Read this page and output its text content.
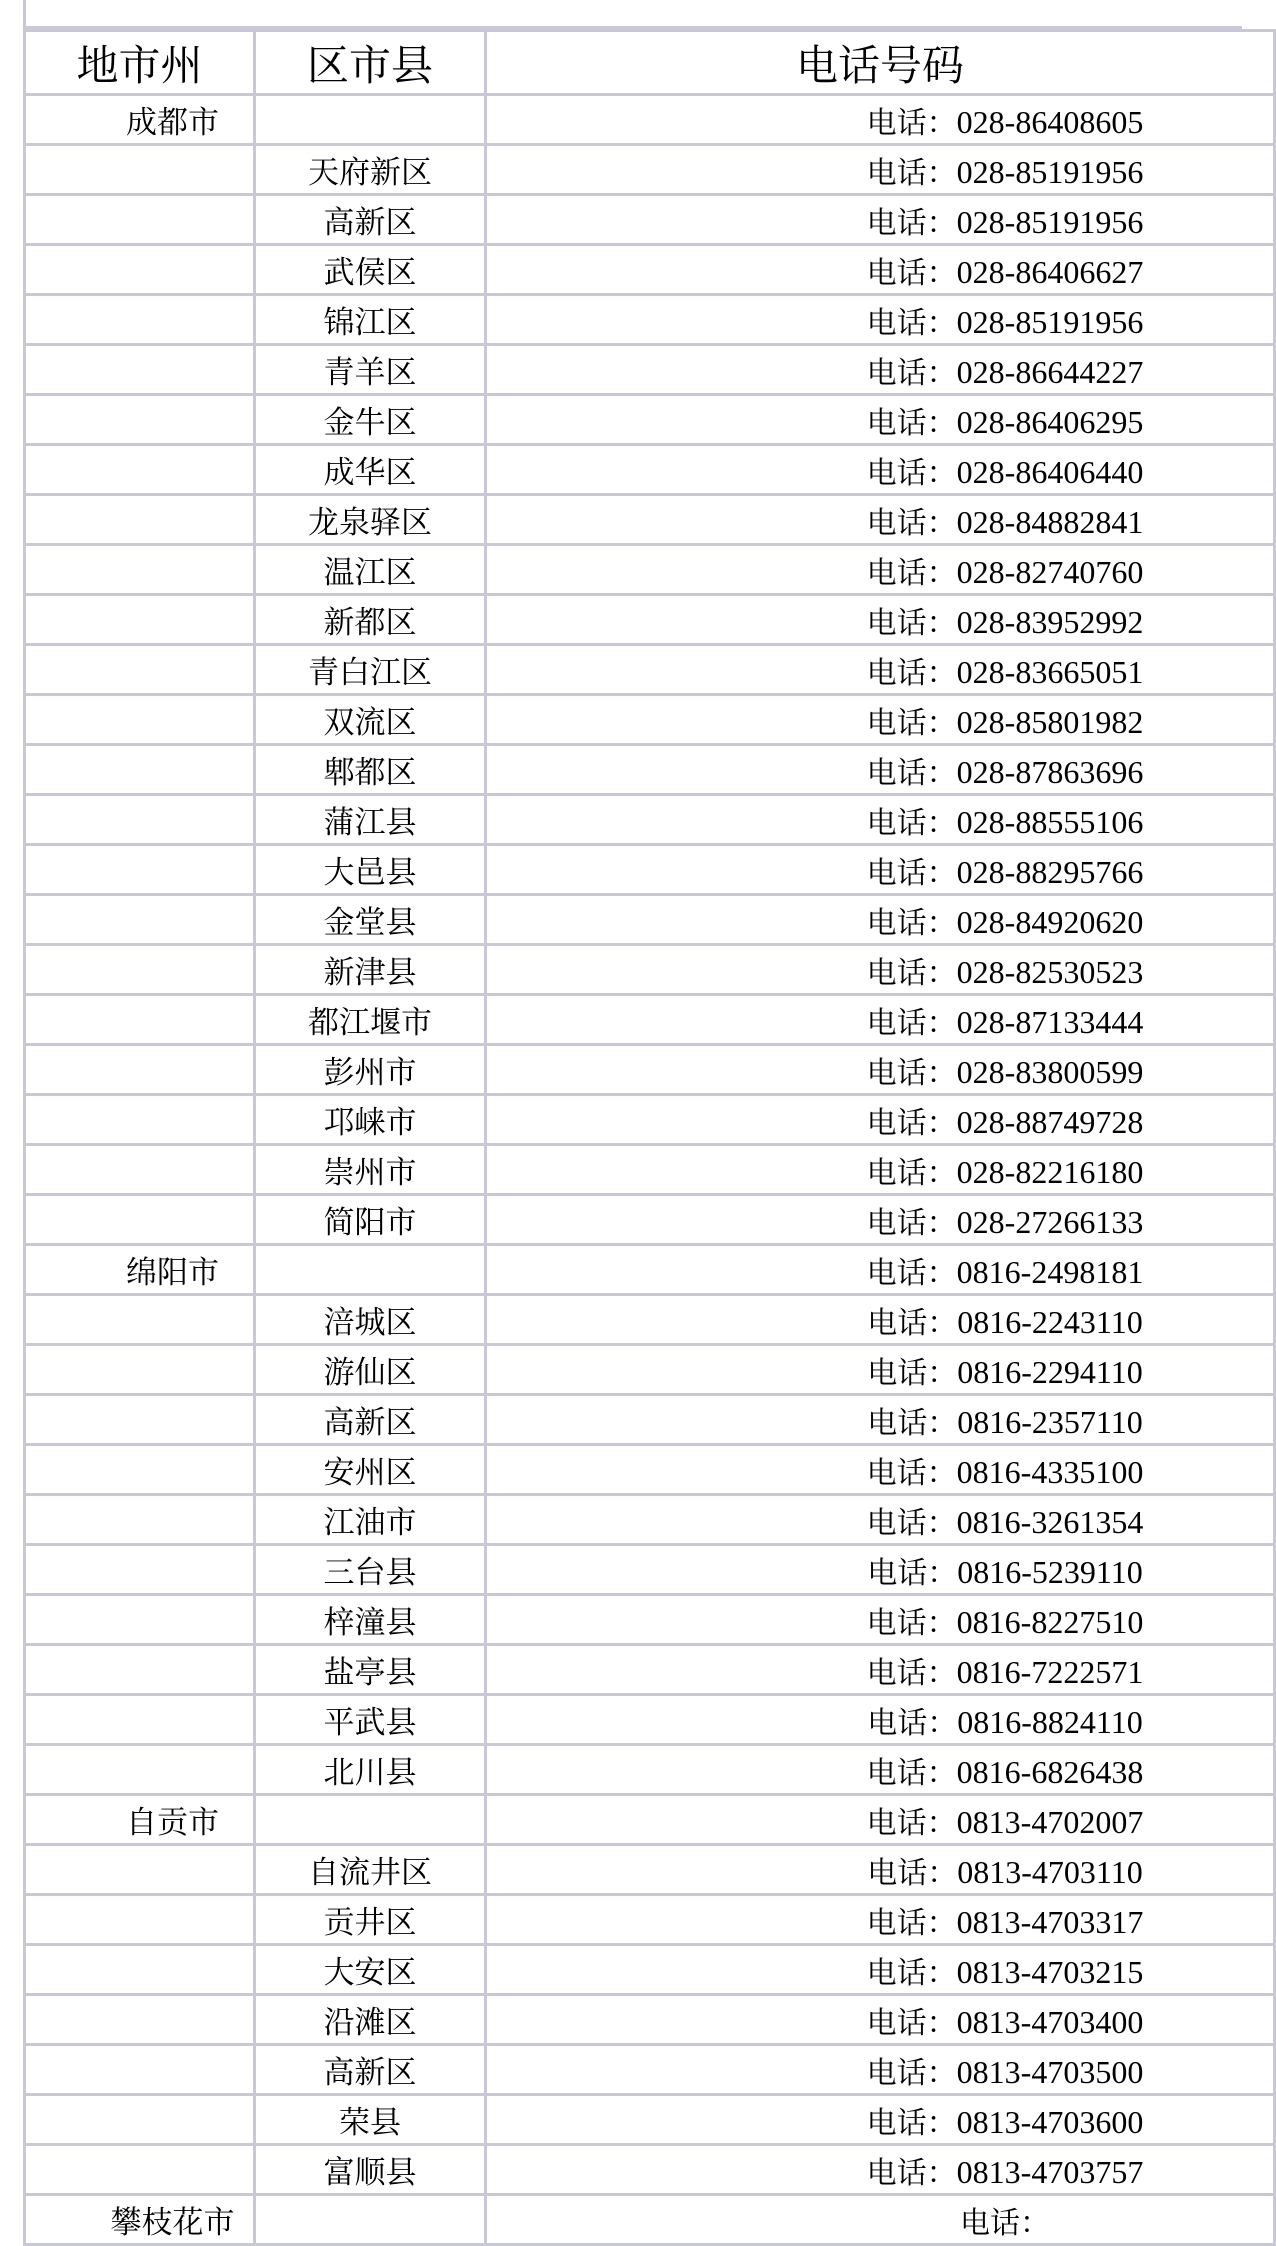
地市州	区市县	电话号码
成都市		电话：028-86408605
	天府新区	电话：028-85191956
	高新区	电话：028-85191956
	武侯区	电话：028-86406627
	锦江区	电话：028-85191956
	青羊区	电话：028-86644227
	金牛区	电话：028-86406295
	成华区	电话：028-86406440
	龙泉驿区	电话：028-84882841
	温江区	电话：028-82740760
	新都区	电话：028-83952992
	青白江区	电话：028-83665051
	双流区	电话：028-85801982
	郫都区	电话：028-87863696
	蒲江县	电话：028-88555106
	大邑县	电话：028-88295766
	金堂县	电话：028-84920620
	新津县	电话：028-82530523
	都江堰市	电话：028-87133444
	彭州市	电话：028-83800599
	邛崃市	电话：028-88749728
	崇州市	电话：028-82216180
	简阳市	电话：028-27266133
绵阳市		电话：0816-2498181
	涪城区	电话：0816-2243110
	游仙区	电话：0816-2294110
	高新区	电话：0816-2357110
	安州区	电话：0816-4335100
	江油市	电话：0816-3261354
	三台县	电话：0816-5239110
	梓潼县	电话：0816-8227510
	盐亭县	电话：0816-7222571
	平武县	电话：0816-8824110
	北川县	电话：0816-6826438
自贡市		电话：0813-4702007
	自流井区	电话：0813-4703110
	贡井区	电话：0813-4703317
	大安区	电话：0813-4703215
	沿滩区	电话：0813-4703400
	高新区	电话：0813-4703500
	荣县	电话：0813-4703600
	富顺县	电话：0813-4703757
攀枝花市		电话：
